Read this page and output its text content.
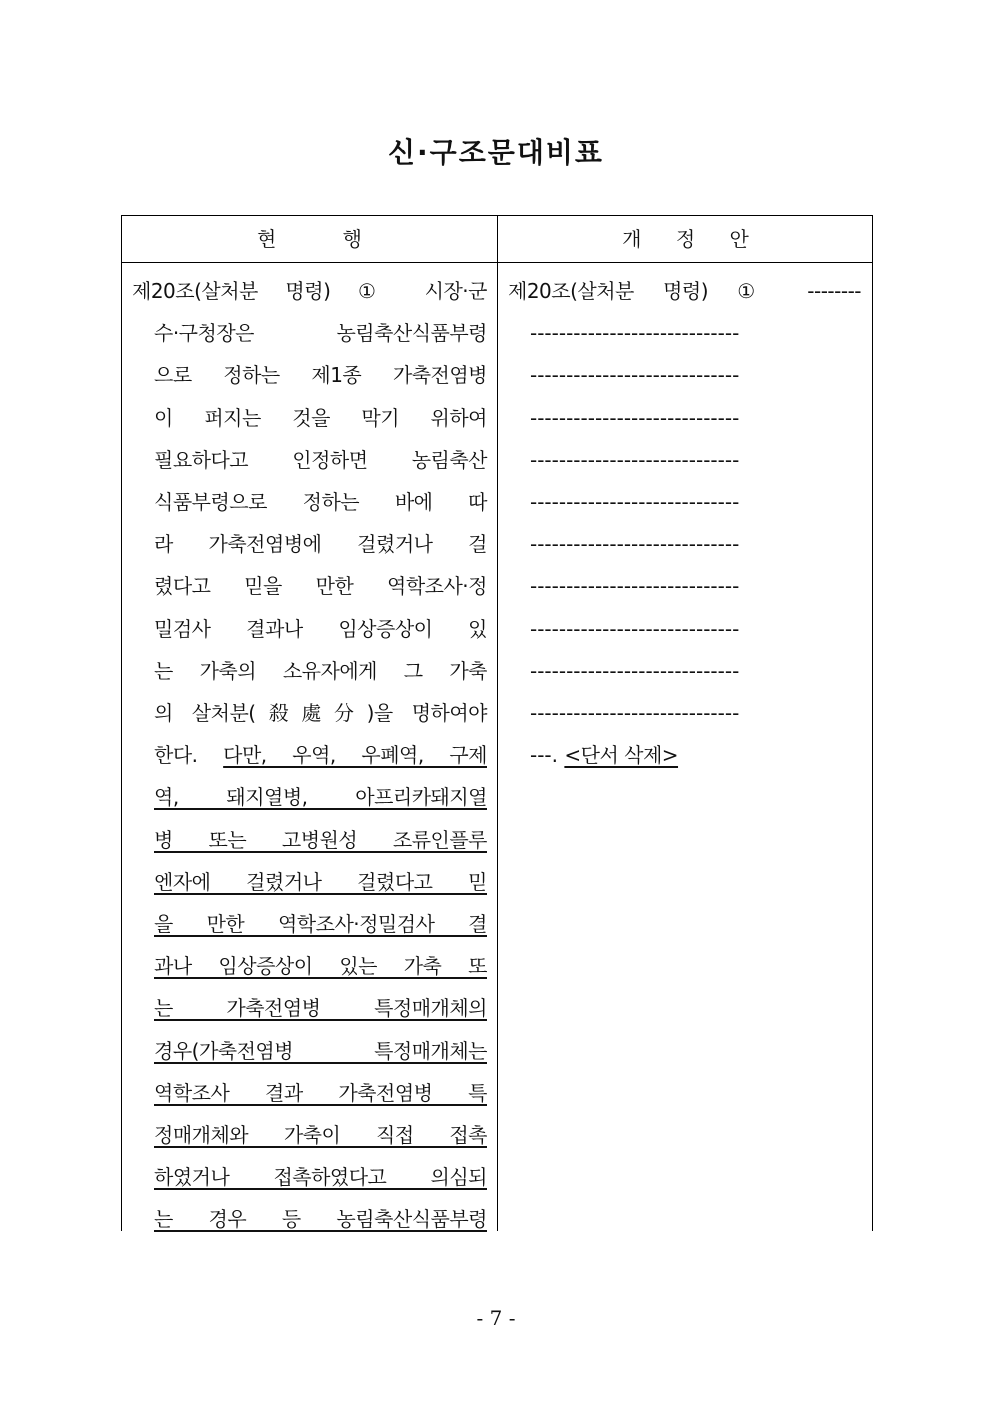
신·구조문대비표
현 행	개 정 안
제20조(살처분 명령) ① 시장·군
수·구청장은 농림축산식품부령
으로 정하는 제1종 가축전염병
이 퍼지는 것을 막기 위하여
필요하다고 인정하면 농림축산
식품부령으로 정하는 바에 따
라 가축전염병에 걸렸거나 걸
렸다고 믿을 만한 역학조사·정
밀검사 결과나 임상증상이 있
는 가축의 소유자에게 그 가축
의 살처분(殺處分)을 명하여야
한다. 다만, 우역, 우폐역, 구제
역, 돼지열병, 아프리카돼지열
병 또는 고병원성 조류인플루
엔자에 걸렸거나 걸렸다고 믿
을 만한 역학조사·정밀검사 결
과나 임상증상이 있는 가축 또
는 가축전염병 특정매개체의
경우(가축전염병 특정매개체는
역학조사 결과 가축전염병 특
정매개체와 가축이 직접 접촉
하였거나 접촉하였다고 의심되
는 경우 등 농림축산식품부령
제20조(살처분 명령) ① --------
-----------------------------
-----------------------------
-----------------------------
-----------------------------
-----------------------------
-----------------------------
-----------------------------
-----------------------------
-----------------------------
-----------------------------
---. <단서 삭제>
- 7 -
